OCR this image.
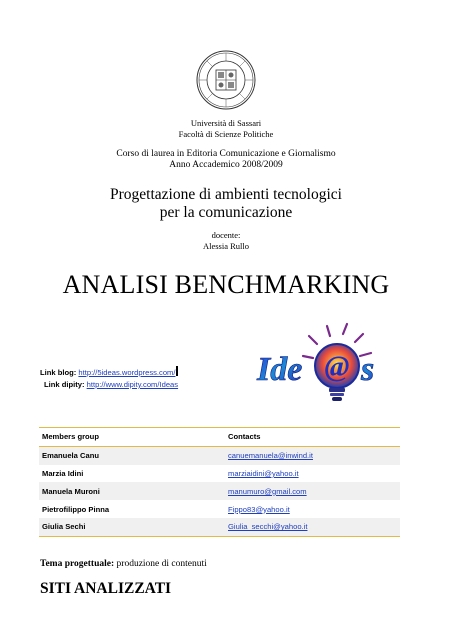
Università di Sassari
Facoltà di Scienze Politiche
Corso di laurea in Editoria Comunicazione e Giornalismo
Anno Accademico 2008/2009
Progettazione di ambienti tecnologici
per la comunicazione
docente:
Alessia Rullo
ANALISI BENCHMARKING
Link blog: http://5ideas.wordpress.com/
Link dipity: http://www.dipity.com/Ideas
@
Ide s
Members group	Contacts
Emanuela Canu	canuemanuela@inwind.it
Marzia Idini	marziaidini@yahoo.it
Manuela Muroni	manumuro@gmail.com
Pietrofilippo Pinna	Fippo83@yahoo.it
Giulia Sechi	Giulia_secchi@yahoo.it
Tema progettuale: produzione di contenuti
SITI ANALIZZATI
